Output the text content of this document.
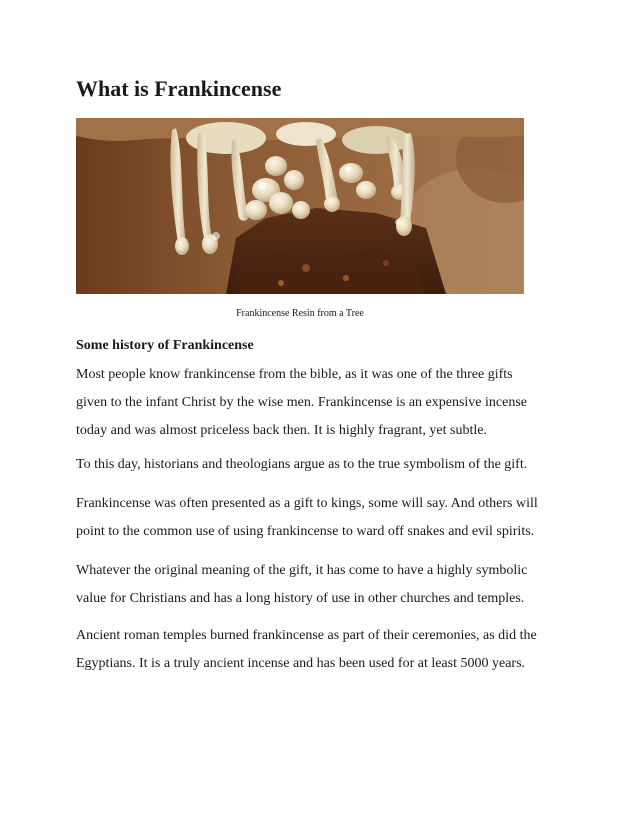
What is Frankincense
Frankincense Resin from a Tree
Some history of Frankincense

Most people know frankincense from the bible, as it was one of the three gifts
given to the infant Christ by the wise men. Frankincense is an expensive incense
today and was almost priceless back then. It is highly fragrant, yet subtle.

To this day, historians and theologians argue as to the true symbolism of the gift.

Frankincense was often presented as a gift to kings, some will say. And others will
point to the common use of using frankincense to ward off snakes and evil spirits.

Whatever the original meaning of the gift, it has come to have a highly symbolic
value for Christians and has a long history of use in other churches and temples.

Ancient roman temples burned frankincense as part of their ceremonies, as did the
Egyptians. It is a truly ancient incense and has been used for at least 5000 years.
